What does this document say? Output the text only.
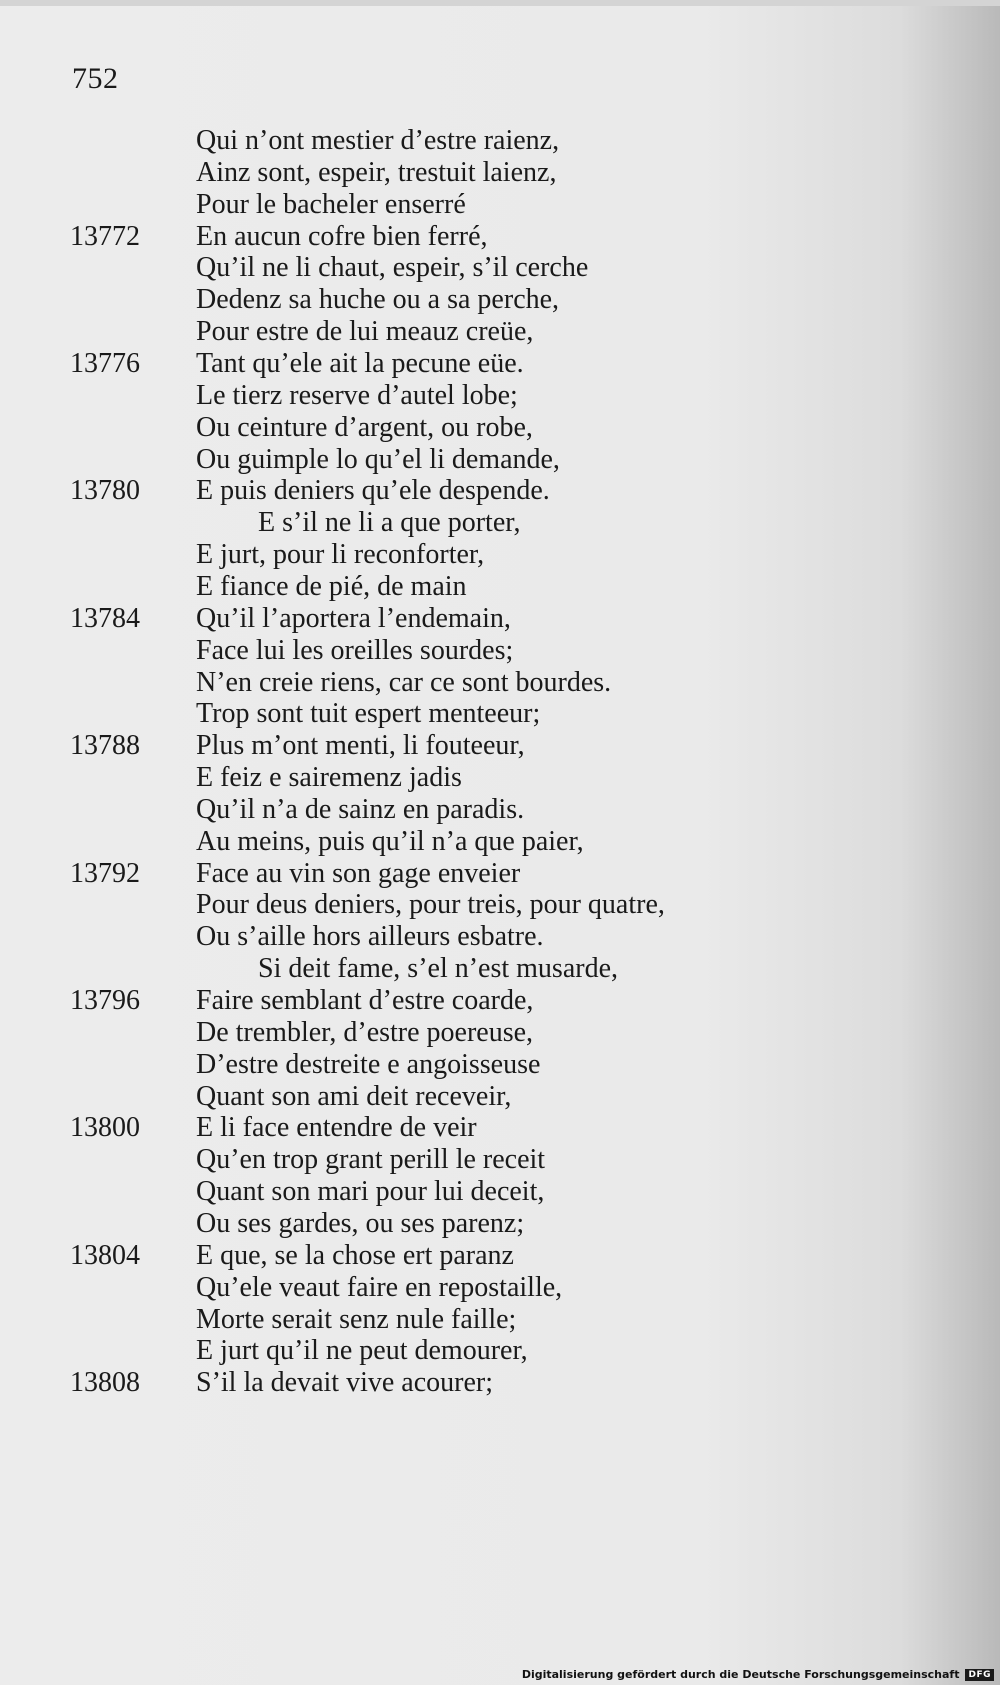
752
Qui n’ont mestier d’estre raienz,
Ainz sont, espeir, trestuit laienz,
Pour le bacheler enserré
13772	En aucun cofre bien ferré,
Qu’il ne li chaut, espeir, s’il cerche
Dedenz sa huche ou a sa perche,
Pour estre de lui meauz creüe,
13776	Tant qu’ele ait la pecune eüe.
Le tierz reserve d’autel lobe;
Ou ceinture d’argent, ou robe,
Ou guimple lo qu’el li demande,
13780	E puis deniers qu’ele despende.
E s’il ne li a que porter,
E jurt, pour li reconforter,
E fiance de pié, de main
13784	Qu’il l’aportera l’endemain,
Face lui les oreilles sourdes;
N’en creie riens, car ce sont bourdes.
Trop sont tuit espert menteeur;
13788	Plus m’ont menti, li fouteeur,
E feiz e sairemenz jadis
Qu’il n’a de sainz en paradis.
Au meins, puis qu’il n’a que paier,
13792	Face au vin son gage enveier
Pour deus deniers, pour treis, pour quatre,
Ou s’aille hors ailleurs esbatre.
Si deit fame, s’el n’est musarde,
13796	Faire semblant d’estre coarde,
De trembler, d’estre poereuse,
D’estre destreite e angoisseuse
Quant son ami deit receveir,
13800	E li face entendre de veir
Qu’en trop grant perill le receit
Quant son mari pour lui deceit,
Ou ses gardes, ou ses parenz;
13804	E que, se la chose ert paranz
Qu’ele veaut faire en repostaille,
Morte serait senz nule faille;
E jurt qu’il ne peut demourer,
13808	S’il la devait vive acourer;
Digitalisierung gefördert durch die Deutsche Forschungsgemeinschaft	DFG
